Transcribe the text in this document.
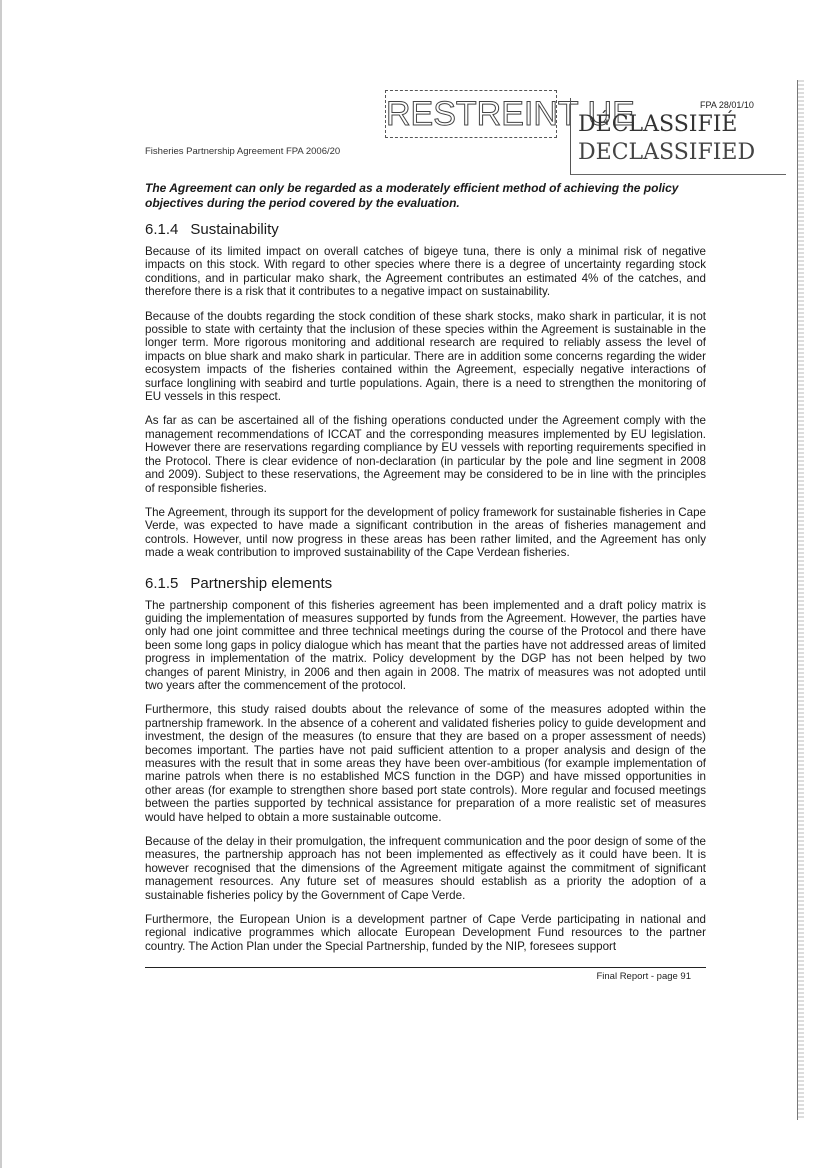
Fisheries Partnership Agreement FPA 2006/20
RESTREINT UE	FPA 28/01/10
DÉCLASSIFIÉ
DECLASSIFIED

The Agreement can only be regarded as a moderately efficient method of achieving the policy objectives during the period covered by the evaluation.

6.1.4 Sustainability

Because of its limited impact on overall catches of bigeye tuna, there is only a minimal risk of negative impacts on this stock. With regard to other species where there is a degree of uncertainty regarding stock conditions, and in particular mako shark, the Agreement contributes an estimated 4% of the catches, and therefore there is a risk that it contributes to a negative impact on sustainability.

Because of the doubts regarding the stock condition of these shark stocks, mako shark in particular, it is not possible to state with certainty that the inclusion of these species within the Agreement is sustainable in the longer term. More rigorous monitoring and additional research are required to reliably assess the level of impacts on blue shark and mako shark in particular. There are in addition some concerns regarding the wider ecosystem impacts of the fisheries contained within the Agreement, especially negative interactions of surface longlining with seabird and turtle populations. Again, there is a need to strengthen the monitoring of EU vessels in this respect.

As far as can be ascertained all of the fishing operations conducted under the Agreement comply with the management recommendations of ICCAT and the corresponding measures implemented by EU legislation. However there are reservations regarding compliance by EU vessels with reporting requirements specified in the Protocol. There is clear evidence of non-declaration (in particular by the pole and line segment in 2008 and 2009). Subject to these reservations, the Agreement may be considered to be in line with the principles of responsible fisheries.

The Agreement, through its support for the development of policy framework for sustainable fisheries in Cape Verde, was expected to have made a significant contribution in the areas of fisheries management and controls. However, until now progress in these areas has been rather limited, and the Agreement has only made a weak contribution to improved sustainability of the Cape Verdean fisheries.

6.1.5 Partnership elements

The partnership component of this fisheries agreement has been implemented and a draft policy matrix is guiding the implementation of measures supported by funds from the Agreement. However, the parties have only had one joint committee and three technical meetings during the course of the Protocol and there have been some long gaps in policy dialogue which has meant that the parties have not addressed areas of limited progress in implementation of the matrix. Policy development by the DGP has not been helped by two changes of parent Ministry, in 2006 and then again in 2008. The matrix of measures was not adopted until two years after the commencement of the protocol.

Furthermore, this study raised doubts about the relevance of some of the measures adopted within the partnership framework. In the absence of a coherent and validated fisheries policy to guide development and investment, the design of the measures (to ensure that they are based on a proper assessment of needs) becomes important. The parties have not paid sufficient attention to a proper analysis and design of the measures with the result that in some areas they have been over-ambitious (for example implementation of marine patrols when there is no established MCS function in the DGP) and have missed opportunities in other areas (for example to strengthen shore based port state controls). More regular and focused meetings between the parties supported by technical assistance for preparation of a more realistic set of measures would have helped to obtain a more sustainable outcome.

Because of the delay in their promulgation, the infrequent communication and the poor design of some of the measures, the partnership approach has not been implemented as effectively as it could have been. It is however recognised that the dimensions of the Agreement mitigate against the commitment of significant management resources. Any future set of measures should establish as a priority the adoption of a sustainable fisheries policy by the Government of Cape Verde.

Furthermore, the European Union is a development partner of Cape Verde participating in national and regional indicative programmes which allocate European Development Fund resources to the partner country. The Action Plan under the Special Partnership, funded by the NIP, foresees support

Final Report - page 91
